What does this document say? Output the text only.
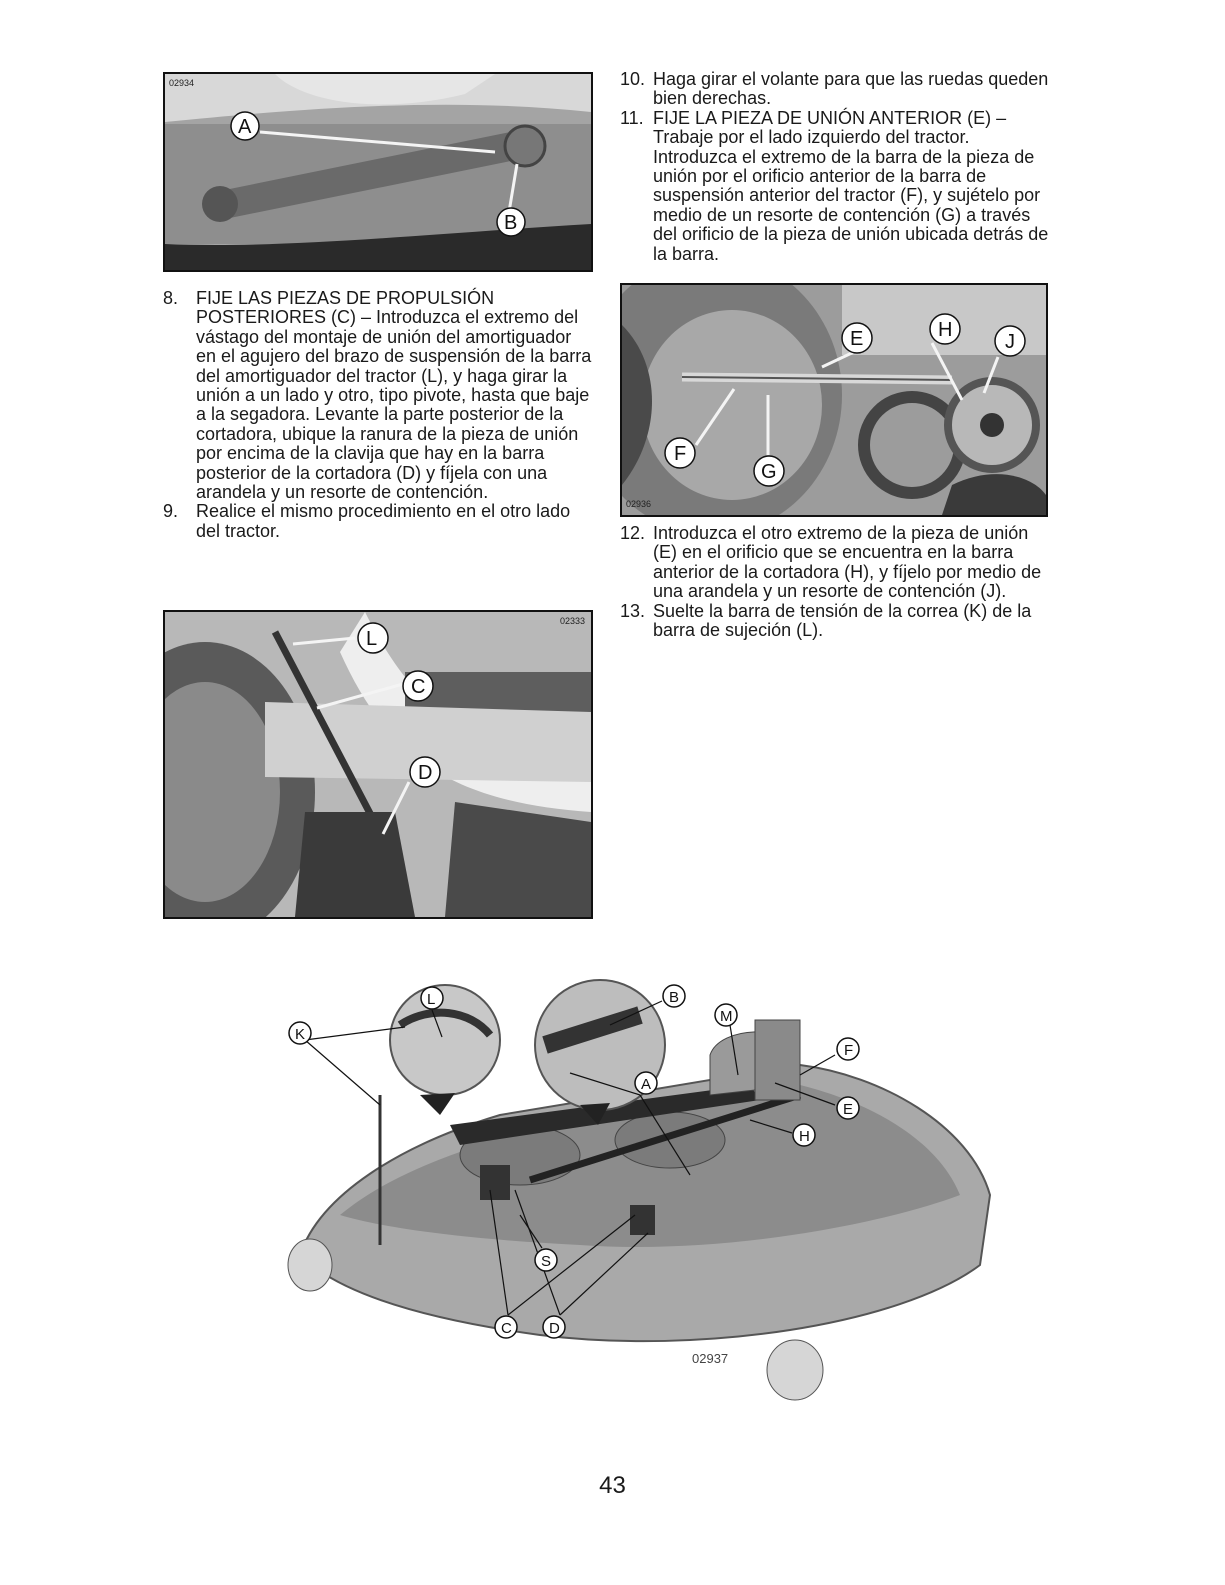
A
B
02934
8. FIJE LAS PIEZAS DE PROPULSIÓN POSTERIORES (C) – Introduzca el extremo del vástago del montaje de unión del amortiguador en el agujero del brazo de suspensión de la barra del amortiguador del tractor (L), y haga girar la unión a un lado y otro, tipo pivote, hasta que baje a la segadora. Levante la parte posterior de la cortadora, ubique la ranura de la pieza de unión por encima de la clavija que hay en la barra posterior de la cortadora (D) y fíjela con una arandela y un resorte de contención.
9. Realice el mismo procedimiento en el otro lado del tractor.
L
C
D
02333
10. Haga girar el volante para que las ruedas queden bien derechas.
11. FIJE LA PIEZA DE UNIÓN ANTERIOR (E) – Trabaje por el lado izquierdo del tractor. Introduzca el extremo de la barra de la pieza de unión por el orificio anterior de la barra de suspensión anterior del tractor (F), y sujételo por medio de un resorte de contención (G) a través del orificio de la pieza de unión ubicada detrás de la barra.
E	H
J
F
G
02936
12. Introduzca el otro extremo de la pieza de unión (E) en el orificio que se encuentra en la barra anterior de la cortadora (H), y fíjelo por medio de una arandela y un resorte de contención (J).
13. Suelte la barra de tensión de la correa (K) de la barra de sujeción (L).
L	B
M
K
F
E
A
H
S
C D
02937
43
